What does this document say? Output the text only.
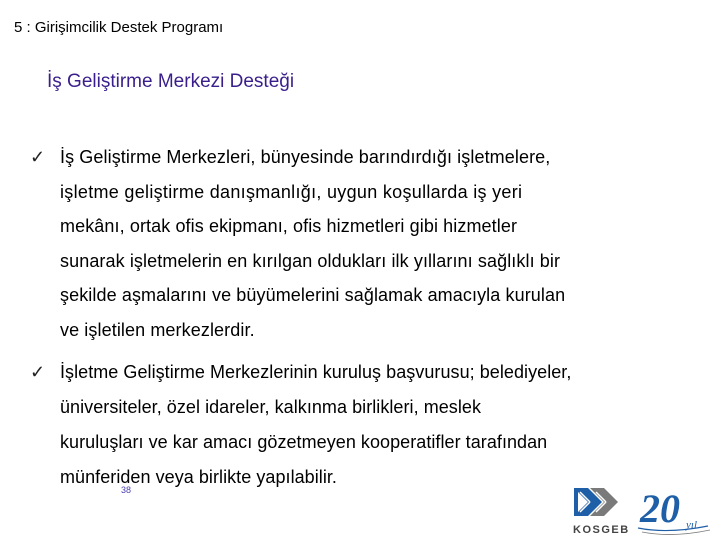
5 : Girişimcilik Destek Programı
İş Geliştirme Merkezi Desteği
✓ İş Geliştirme Merkezleri, bünyesinde barındırdığı işletmelere,
işletme geliştirme danışmanlığı, uygun koşullarda iş yeri
mekânı, ortak ofis ekipmanı, ofis hizmetleri gibi hizmetler
sunarak işletmelerin en kırılgan oldukları ilk yıllarını sağlıklı bir
şekilde aşmalarını ve büyümelerini sağlamak amacıyla kurulan
ve işletilen merkezlerdir.
✓ İşletme Geliştirme Merkezlerinin kuruluş başvurusu; belediyeler,
üniversiteler, özel idareler, kalkınma birlikleri, meslek
kuruluşları ve kar amacı gözetmeyen kooperatifler tarafından
münferiden veya birlikte yapılabilir.
38
KOSGEB 20 yıl
